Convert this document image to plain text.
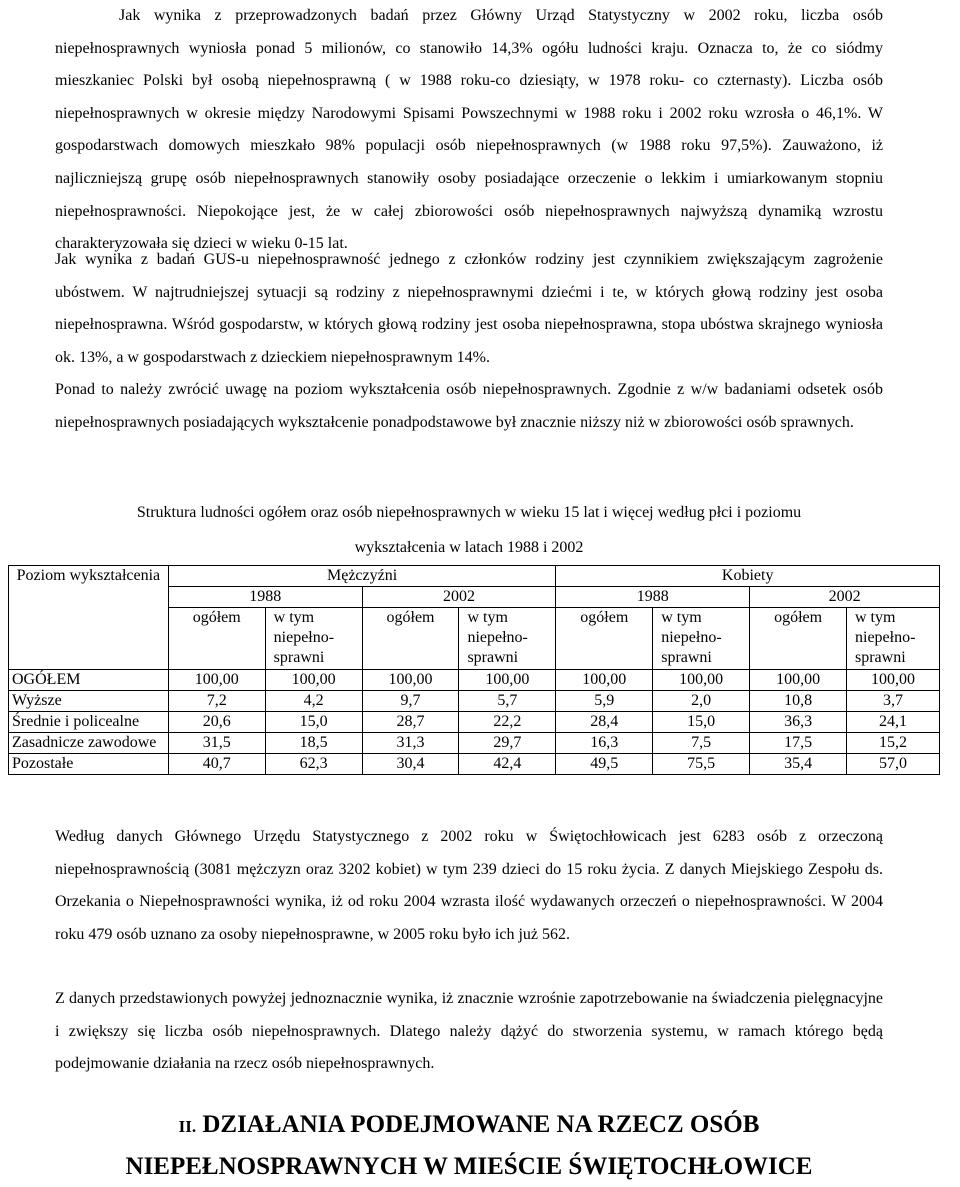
Jak wynika z przeprowadzonych badań przez Główny Urząd Statystyczny w 2002 roku, liczba osób niepełnosprawnych wyniosła ponad 5 milionów, co stanowiło 14,3% ogółu ludności kraju. Oznacza to, że co siódmy mieszkaniec Polski był osobą niepełnosprawną ( w 1988 roku-co dziesiąty, w 1978 roku- co czternasty). Liczba osób niepełnosprawnych w okresie między Narodowymi Spisami Powszechnymi w 1988 roku i 2002 roku wzrosła o 46,1%. W gospodarstwach domowych mieszkało 98% populacji osób niepełnosprawnych (w 1988 roku 97,5%). Zauważono, iż najliczniejszą grupę osób niepełnosprawnych stanowiły osoby posiadające orzeczenie o lekkim i umiarkowanym stopniu niepełnosprawności. Niepokojące jest, że w całej zbiorowości osób niepełnosprawnych najwyższą dynamiką wzrostu charakteryzowała się dzieci w wieku 0-15 lat.

Jak wynika z badań GUS-u niepełnosprawność jednego z członków rodziny jest czynnikiem zwiększającym zagrożenie ubóstwem. W najtrudniejszej sytuacji są rodziny z niepełnosprawnymi dziećmi i te, w których głową rodziny jest osoba niepełnosprawna. Wśród gospodarstw, w których głową rodziny jest osoba niepełnosprawna, stopa ubóstwa skrajnego wyniosła ok. 13%, a w gospodarstwach z dzieckiem niepełnosprawnym 14%.

Ponad to należy zwrócić uwagę na poziom wykształcenia osób niepełnosprawnych. Zgodnie z w/w badaniami odsetek osób niepełnosprawnych posiadających wykształcenie ponadpodstawowe był znacznie niższy niż w zbiorowości osób sprawnych.

Struktura ludności ogółem oraz osób niepełnosprawnych w wieku 15 lat i więcej według płci i poziomu

wykształcenia w latach 1988 i 2002

Poziom wykształcenia	Mężczyźni				Kobiety			
	1988		2002		1988		2002	
	ogółem	w tym niepełno-sprawni	ogółem	w tym niepełno-sprawni	ogółem	w tym niepełno-sprawni	ogółem	w tym niepełno-sprawni
OGÓŁEM	100,00	100,00	100,00	100,00	100,00	100,00	100,00	100,00
Wyższe	7,2	4,2	9,7	5,7	5,9	2,0	10,8	3,7
Średnie i policealne	20,6	15,0	28,7	22,2	28,4	15,0	36,3	24,1
Zasadnicze zawodowe	31,5	18,5	31,3	29,7	16,3	7,5	17,5	15,2
Pozostałe	40,7	62,3	30,4	42,4	49,5	75,5	35,4	57,0

Według danych Głównego Urzędu Statystycznego z 2002 roku w Świętochłowicach jest 6283 osób z orzeczoną niepełnosprawnością (3081 mężczyzn oraz 3202 kobiet) w tym 239 dzieci do 15 roku życia. Z danych Miejskiego Zespołu ds. Orzekania o Niepełnosprawności wynika, iż od roku 2004 wzrasta ilość wydawanych orzeczeń o niepełnosprawności. W 2004 roku 479 osób uznano za osoby niepełnosprawne, w 2005 roku było ich już 562.

Z danych przedstawionych powyżej jednoznacznie wynika, iż znacznie wzrośnie zapotrzebowanie na świadczenia pielęgnacyjne i zwiększy się liczba osób niepełnosprawnych. Dlatego należy dążyć do stworzenia systemu, w ramach którego będą podejmowanie działania na rzecz osób niepełnosprawnych.

II. DZIAŁANIA PODEJMOWANE NA RZECZ OSÓB

NIEPEŁNOSPRAWNYCH W MIEŚCIE ŚWIĘTOCHŁOWICE
